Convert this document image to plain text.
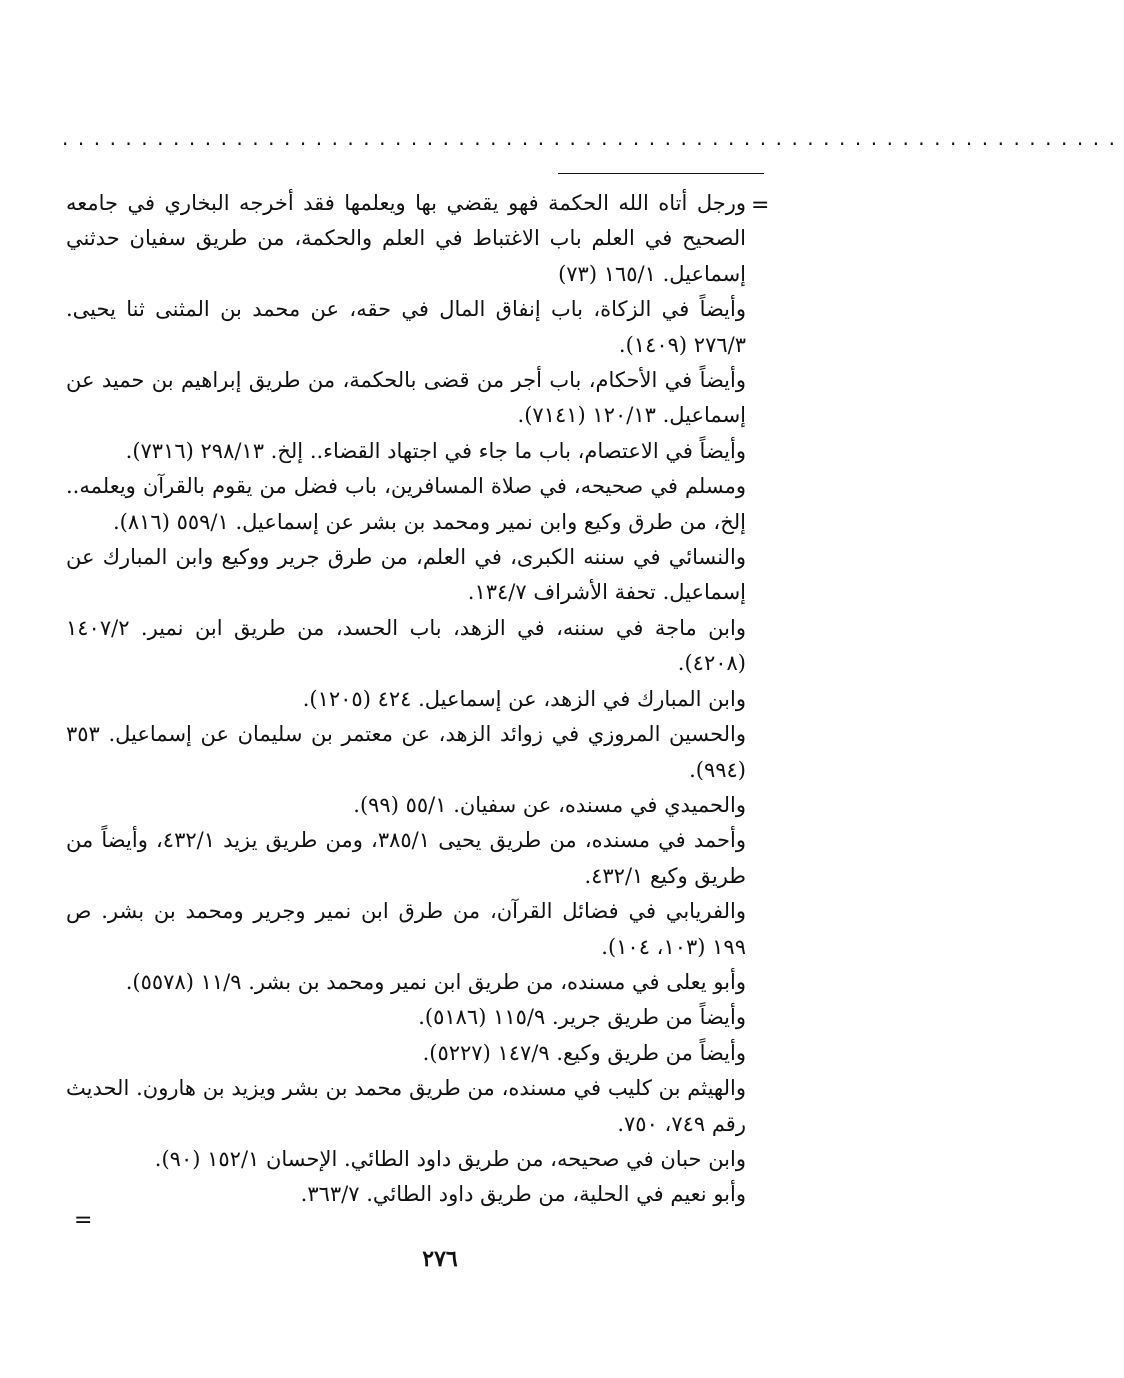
...................................................................
=

ورجل أتاه الله الحكمة فهو يقضي بها ويعلمها فقد أخرجه البخاري في جامعه الصحيح في العلم باب الاغتباط في العلم والحكمة، من طريق سفيان حدثني إسماعيل. ١٦٥/١ (٧٣)

وأيضاً في الزكاة، باب إنفاق المال في حقه، عن محمد بن المثنى ثنا يحيى. ٢٧٦/٣ (١٤٠٩).

وأيضاً في الأحكام، باب أجر من قضى بالحكمة، من طريق إبراهيم بن حميد عن إسماعيل. ١٢٠/١٣ (٧١٤١).

وأيضاً في الاعتصام، باب ما جاء في اجتهاد القضاء.. إلخ. ٢٩٨/١٣ (٧٣١٦).

ومسلم في صحيحه، في صلاة المسافرين، باب فضل من يقوم بالقرآن ويعلمه.. إلخ، من طرق وكيع وابن نمير ومحمد بن بشر عن إسماعيل. ٥٥٩/١ (٨١٦).

والنسائي في سننه الكبرى، في العلم، من طرق جرير ووكيع وابن المبارك عن إسماعيل. تحفة الأشراف ١٣٤/٧.

وابن ماجة في سننه، في الزهد، باب الحسد، من طريق ابن نمير. ١٤٠٧/٢ (٤٢٠٨).

وابن المبارك في الزهد، عن إسماعيل. ٤٢٤ (١٢٠٥).

والحسين المروزي في زوائد الزهد، عن معتمر بن سليمان عن إسماعيل. ٣٥٣ (٩٩٤).

والحميدي في مسنده، عن سفيان. ٥٥/١ (٩٩).

وأحمد في مسنده، من طريق يحيى ٣٨٥/١، ومن طريق يزيد ٤٣٢/١، وأيضاً من طريق وكيع ٤٣٢/١.

والفريابي في فضائل القرآن، من طرق ابن نمير وجرير ومحمد بن بشر. ص ١٩٩ (١٠٣، ١٠٤).

وأبو يعلى في مسنده، من طريق ابن نمير ومحمد بن بشر. ١١/٩ (٥٥٧٨).

وأيضاً من طريق جرير. ١١٥/٩ (٥١٨٦).

وأيضاً من طريق وكيع. ١٤٧/٩ (٥٢٢٧).

والهيثم بن كليب في مسنده، من طريق محمد بن بشر ويزيد بن هارون. الحديث رقم ٧٤٩، ٧٥٠.

وابن حبان في صحيحه، من طريق داود الطائي. الإحسان ١٥٢/١ (٩٠).

وأبو نعيم في الحلية، من طريق داود الطائي. ٣٦٣/٧.

=
٢٧٦
